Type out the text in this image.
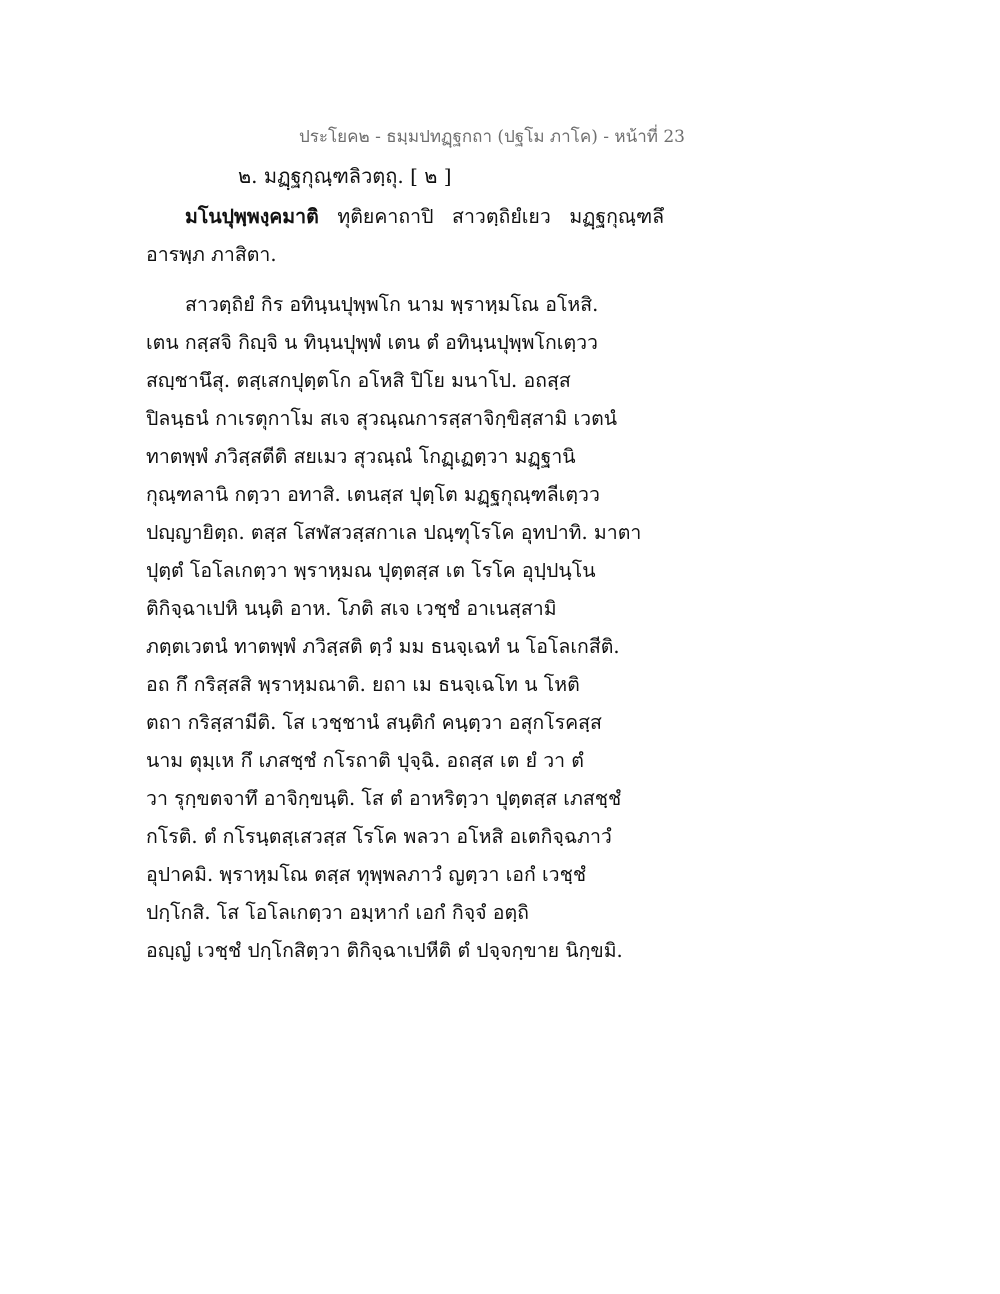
ประโยค๒ - ธมฺมปทฏฺฐกถา (ปฐโม ภาโค) - หน้าที่ 23
๒. มฏฺฐกุณฺฑลิวตฺถุ. [ ๒ ]
มโนปุพฺพงฺคมาติ   ทุติยคาถาปิ   สาวตฺถิยํเยว   มฏฺฐกุณฺฑลึ
อารพฺภ ภาสิตา.
สาวตฺถิยํ กิร อทินฺนปุพฺพโก นาม พฺราหฺมโณ อโหสิ.
เตน กสฺสจิ กิญฺจิ น ทินฺนปุพฺพํ เตน ตํ อทินฺนปุพฺพโกเตฺวว
สญฺชานึสุ. ตสฺเสกปุตฺตโก อโหสิ ปิโย มนาโป. อถสฺส
ปิลนฺธนํ กาเรตุกาโม สเจ สุวณฺณการสฺสาจิกฺขิสฺสามิ เวตนํ
ทาตพฺพํ ภวิสฺสตีติ สยเมว สุวณฺณํ โกฏฺเฏตฺวา มฏฺฐานิ
กุณฺฑลานิ กตฺวา อทาสิ. เตนสฺส ปุตฺโต มฏฺฐกุณฺฑลีเตฺวว
ปญฺญายิตฺถ. ตสฺส โสฬสวสฺสกาเล ปณฺฑุโรโค อุทปาทิ. มาตา
ปุตฺตํ โอโลเกตฺวา พฺราหฺมณ ปุตฺตสฺส เต โรโค อุปฺปนฺโน
ติกิจฺฉาเปหิ นนฺติ อาห. โภติ สเจ เวชฺชํ อาเนสฺสามิ
ภตฺตเวตนํ ทาตพฺพํ ภวิสฺสติ ตฺวํ มม ธนจฺเฉทํ น โอโลเกสีติ.
อถ กึ กริสฺสสิ พฺราหฺมณาติ. ยถา เม ธนจฺเฉโท น โหติ
ตถา กริสฺสามีติ. โส เวชฺชานํ สนฺติกํ คนฺตฺวา อสุกโรคสฺส
นาม ตุมฺเห กึ เภสชฺชํ กโรถาติ ปุจฺฉิ. อถสฺส เต ยํ วา ตํ
วา รุกฺขตจาทึ อาจิกฺขนฺติ. โส ตํ อาหริตฺวา ปุตฺตสฺส เภสชฺชํ
กโรติ. ตํ กโรนฺตสฺเสวสฺส โรโค พลวา อโหสิ อเตกิจฺฉภาวํ
อุปาคมิ. พฺราหฺมโณ ตสฺส ทุพฺพลภาวํ ญตฺวา เอกํ เวชฺชํ
ปกฺโกสิ. โส โอโลเกตฺวา อมฺหากํ เอกํ กิจฺจํ อตฺถิ
อญฺญํ เวชฺชํ ปกฺโกสิตฺวา ติกิจฺฉาเปหีติ ตํ ปจฺจกฺขาย นิกฺขมิ.
